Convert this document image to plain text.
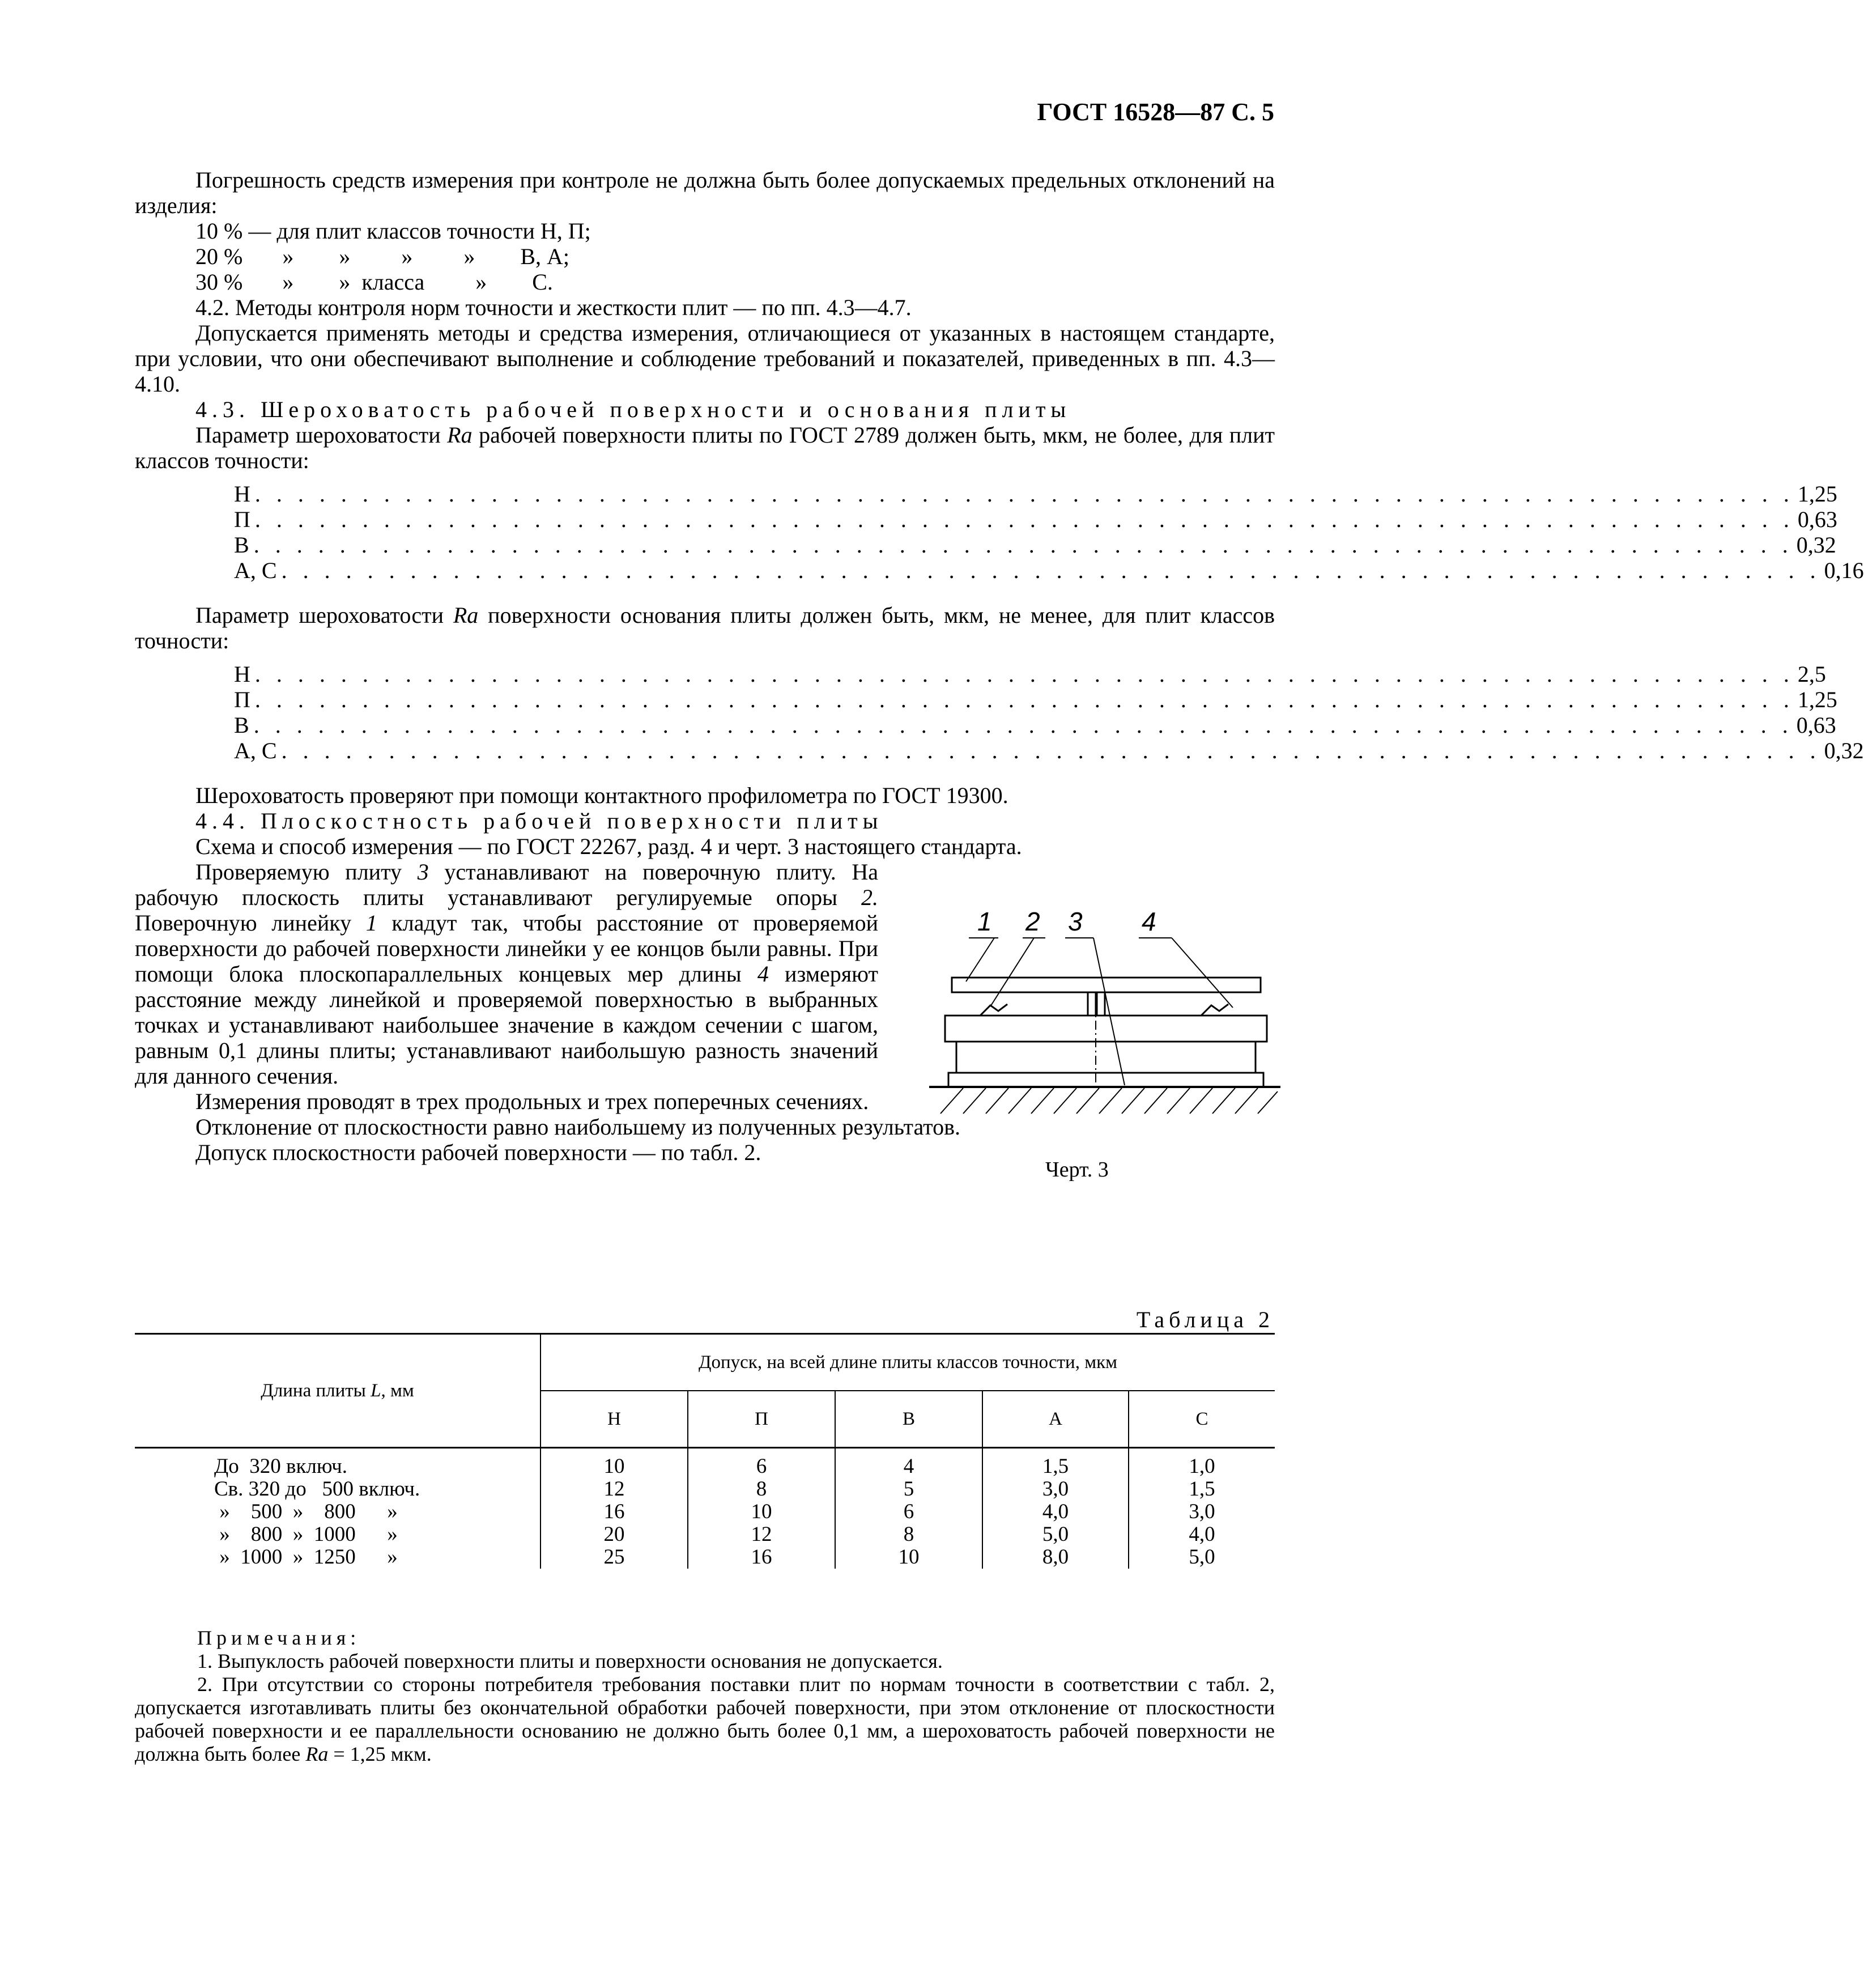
ГОСТ 16528—87 С. 5

Погрешность средств измерения при контроле не должна быть более допускаемых предельных отклонений на изделия:

10 % — для плит классов точности Н, П;

20 %       »        »         »         »        В, А;

30 %       »        »  класса         »        С.

4.2. Методы контроля норм точности и жесткости плит — по пп. 4.3—4.7.

Допускается применять методы и средства измерения, отличающиеся от указанных в настоящем стандарте, при условии, что они обеспечивают выполнение и соблюдение требований и показателей, приведенных в пп. 4.3—4.10.

4.3. Шероховатость рабочей поверхности и основания плиты

Параметр шероховатости Ra рабочей поверхности плиты по ГОСТ 2789 должен быть, мкм, не более, для плит классов точности:

Н . . . . . . . . . . . . . . . . . . . . . . . . . . . . . . . . . . . . . . . . . . . . . . . . . . . . . . . . . . . . . . . . . . . . . . . . 1,25
П . . . . . . . . . . . . . . . . . . . . . . . . . . . . . . . . . . . . . . . . . . . . . . . . . . . . . . . . . . . . . . . . . . . . . . . . 0,63
В . . . . . . . . . . . . . . . . . . . . . . . . . . . . . . . . . . . . . . . . . . . . . . . . . . . . . . . . . . . . . . . . . . . . . . . . 0,32
А, С . . . . . . . . . . . . . . . . . . . . . . . . . . . . . . . . . . . . . . . . . . . . . . . . . . . . . . . . . . . . . . . . . . . . . . . . 0,16

Параметр шероховатости Ra поверхности основания плиты должен быть, мкм, не менее, для плит классов точности:

Н . . . . . . . . . . . . . . . . . . . . . . . . . . . . . . . . . . . . . . . . . . . . . . . . . . . . . . . . . . . . . . . . . . . . . . . . 2,5
П . . . . . . . . . . . . . . . . . . . . . . . . . . . . . . . . . . . . . . . . . . . . . . . . . . . . . . . . . . . . . . . . . . . . . . . . 1,25
В . . . . . . . . . . . . . . . . . . . . . . . . . . . . . . . . . . . . . . . . . . . . . . . . . . . . . . . . . . . . . . . . . . . . . . . . 0,63
А, С . . . . . . . . . . . . . . . . . . . . . . . . . . . . . . . . . . . . . . . . . . . . . . . . . . . . . . . . . . . . . . . . . . . . . . . . 0,32

Шероховатость проверяют при помощи контактного профилометра по ГОСТ 19300.

4.4. Плоскостность рабочей поверхности плиты

Схема и способ измерения — по ГОСТ 22267, разд. 4 и черт. 3 настоящего стандарта.

Проверяемую плиту 3 устанавливают на поверочную плиту. На рабочую плоскость плиты устанавливают регулируемые опоры 2. Поверочную линейку 1 кладут так, чтобы расстояние от проверяемой поверхности до рабочей поверхности линейки у ее концов были равны. При помощи блока плоскопараллельных концевых мер длины 4 измеряют расстояние между линейкой и проверяемой поверхностью в выбранных точках и устанавливают наибольшее значение в каждом сечении с шагом, равным 0,1 длины плиты; устанавливают наибольшую разность значений для данного сечения.

Измерения проводят в трех продольных и трех поперечных сечениях.

Отклонение от плоскостности равно наибольшему из полученных результатов.

Допуск плоскостности рабочей поверхности — по табл. 2.

1 2 3 4
Черт. 3
Таблица 2
Длина плиты L, мм	Допуск, на всей длине плиты классов точности, мкм				
	Н	П	В	А	С
До  320 включ.	10	6	4	1,5	1,0
Св. 320 до   500 включ.	12	8	5	3,0	1,5
»    500  »    800      »	16	10	6	4,0	3,0
»    800  »  1000      »	20	12	8	5,0	4,0
»  1000  »  1250      »	25	16	10	8,0	5,0

Примечания:

1. Выпуклость рабочей поверхности плиты и поверхности основания не допускается.

2. При отсутствии со стороны потребителя требования поставки плит по нормам точности в соответствии с табл. 2, допускается изготавливать плиты без окончательной обработки рабочей поверхности, при этом отклонение от плоскостности рабочей поверхности и ее параллельности основанию не должно быть более 0,1 мм, а шероховатость рабочей поверхности не должна быть более Ra = 1,25 мкм.
